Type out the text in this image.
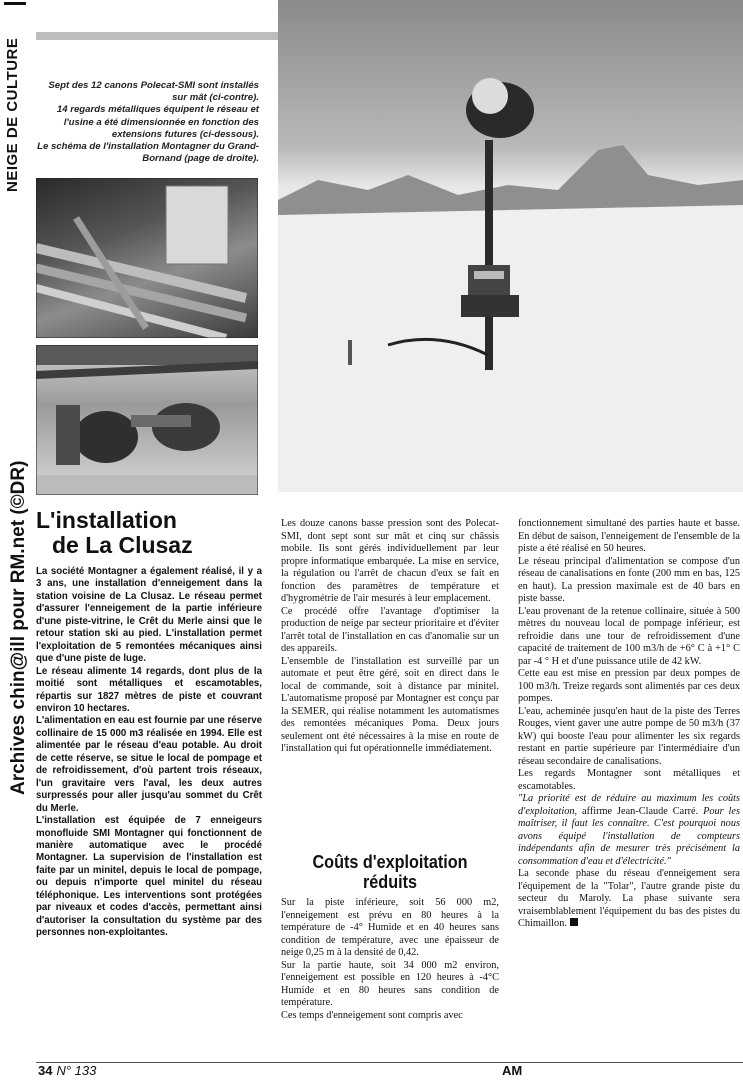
NEIGE DE CULTURE
Archives chin@ill pour RM.net (©DR)

Sept des 12 canons Polecat-SMI sont installés sur mât (ci-contre).

14 regards métalliques équipent le réseau et l'usine a été dimensionnée en fonction des extensions futures (ci-dessous).

Le schéma de l'installation Montagner du Grand-Bornand (page de droite).

L'installation
de La Clusaz

La société Montagner a également réalisé, il y a 3 ans, une installation d'enneigement dans la station voisine de La Clusaz. Le réseau permet d'assurer l'enneigement de la partie inférieure d'une piste-vitrine, le Crêt du Merle ainsi que le retour station ski au pied. L'installation permet l'exploitation de 5 remontées mécaniques ainsi que d'une piste de luge.

Le réseau alimente 14 regards, dont plus de la moitié sont métalliques et escamotables, répartis sur 1827 mètres de piste et couvrant environ 10 hectares.

L'alimentation en eau est fournie par une réserve collinaire de 15 000 m3 réalisée en 1994. Elle est alimentée par le réseau d'eau potable. Au droit de cette réserve, se situe le local de pompage et de refroidissement, d'où partent trois réseaux, l'un gravitaire vers l'aval, les deux autres surpressés pour aller jusqu'au sommet du Crêt du Merle.

L'installation est équipée de 7 enneigeurs monofluide SMI Montagner qui fonctionnent de manière automatique avec le procédé Montagner. La supervision de l'installation est faite par un minitel, depuis le local de pompage, ou depuis n'importe quel minitel du réseau téléphonique. Les interventions sont protégées par niveaux et codes d'accès, permettant ainsi d'autoriser la consultation du système par des personnes non-exploitantes.

Les douze canons basse pression sont des Polecat-SMI, dont sept sont sur mât et cinq sur châssis mobile. Ils sont gérés individuellement par leur propre informatique embarquée. La mise en service, la régulation ou l'arrêt de chacun d'eux se fait en fonction des paramètres de température et d'hygrométrie de l'air mesurés à leur emplacement.

Ce procédé offre l'avantage d'optimiser la production de neige par secteur prioritaire et d'éviter l'arrêt total de l'installation en cas d'anomalie sur un des appareils.

L'ensemble de l'installation est surveillé par un automate et peut être géré, soit en direct dans le local de commande, soit à distance par minitel. L'automatisme proposé par Montagner est conçu par la SEMER, qui réalise notamment les automatismes des remontées mécaniques Poma. Deux jours seulement ont été nécessaires à la mise en route de l'installation qui fut opérationnelle immédiatement.

Coûts d'exploitation
réduits

Sur la piste inférieure, soit 56 000 m2, l'enneigement est prévu en 80 heures à la température de -4° Humide et en 40 heures sans condition de température, avec une épaisseur de neige 0,25 m à la densité de 0,42.

Sur la partie haute, soit 34 000 m2 environ, l'enneigement est possible en 120 heures à -4°C Humide et en 80 heures sans condition de température.

Ces temps d'enneigement sont compris avec

fonctionnement simultané des parties haute et basse. En début de saison, l'enneigement de l'ensemble de la piste a été réalisé en 50 heures.

Le réseau principal d'alimentation se compose d'un réseau de canalisations en fonte (200 mm en bas, 125 en haut). La pression maximale est de 40 bars en piste basse.

L'eau provenant de la retenue collinaire, située à 500 mètres du nouveau local de pompage inférieur, est refroidie dans une tour de refroidissement d'une capacité de traitement de 100 m3/h de +6° C à +1° C par -4 ° H et d'une puissance utile de 42 kW.

Cette eau est mise en pression par deux pompes de 100 m3/h. Treize regards sont alimentés par ces deux pompes.

L'eau, acheminée jusqu'en haut de la piste des Terres Rouges, vient gaver une autre pompe de 50 m3/h (37 kW) qui booste l'eau pour alimenter les six regards restant en partie supérieure par l'intermédiaire d'un réseau secondaire de canalisations.

Les regards Montagner sont métalliques et escamotables.

"La priorité est de réduire au maximum les coûts d'exploitation, affirme Jean-Claude Carré. Pour les maîtriser, il faut les connaître. C'est pourquoi nous avons équipé l'installation de compteurs indépendants afin de mesurer très précisément la consommation d'eau et d'électricité."

La seconde phase du réseau d'enneigement sera l'équipement de la "Tolar", l'autre grande piste du secteur du Maroly. La phase suivante sera vraisemblablement l'équipement du bas des pistes du Chimaillon.

34 N° 133	AM
